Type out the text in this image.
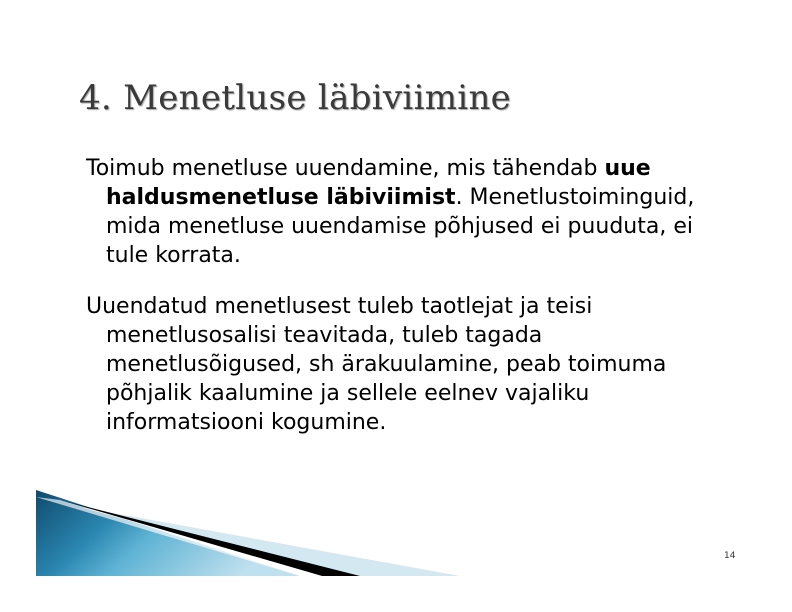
4. Menetluse läbiviimine

Toimub menetluse uuendamine, mis tähendab uue haldusmenetluse läbiviimist. Menetlustoiminguid, mida menetluse uuendamise põhjused ei puuduta, ei tule korrata.

Uuendatud menetlusest tuleb taotlejat ja teisi menetlusosalisi teavitada, tuleb tagada menetlusõigused, sh ärakuulamine, peab toimuma põhjalik kaalumine ja sellele eelnev vajaliku informatsiooni kogumine.

14
